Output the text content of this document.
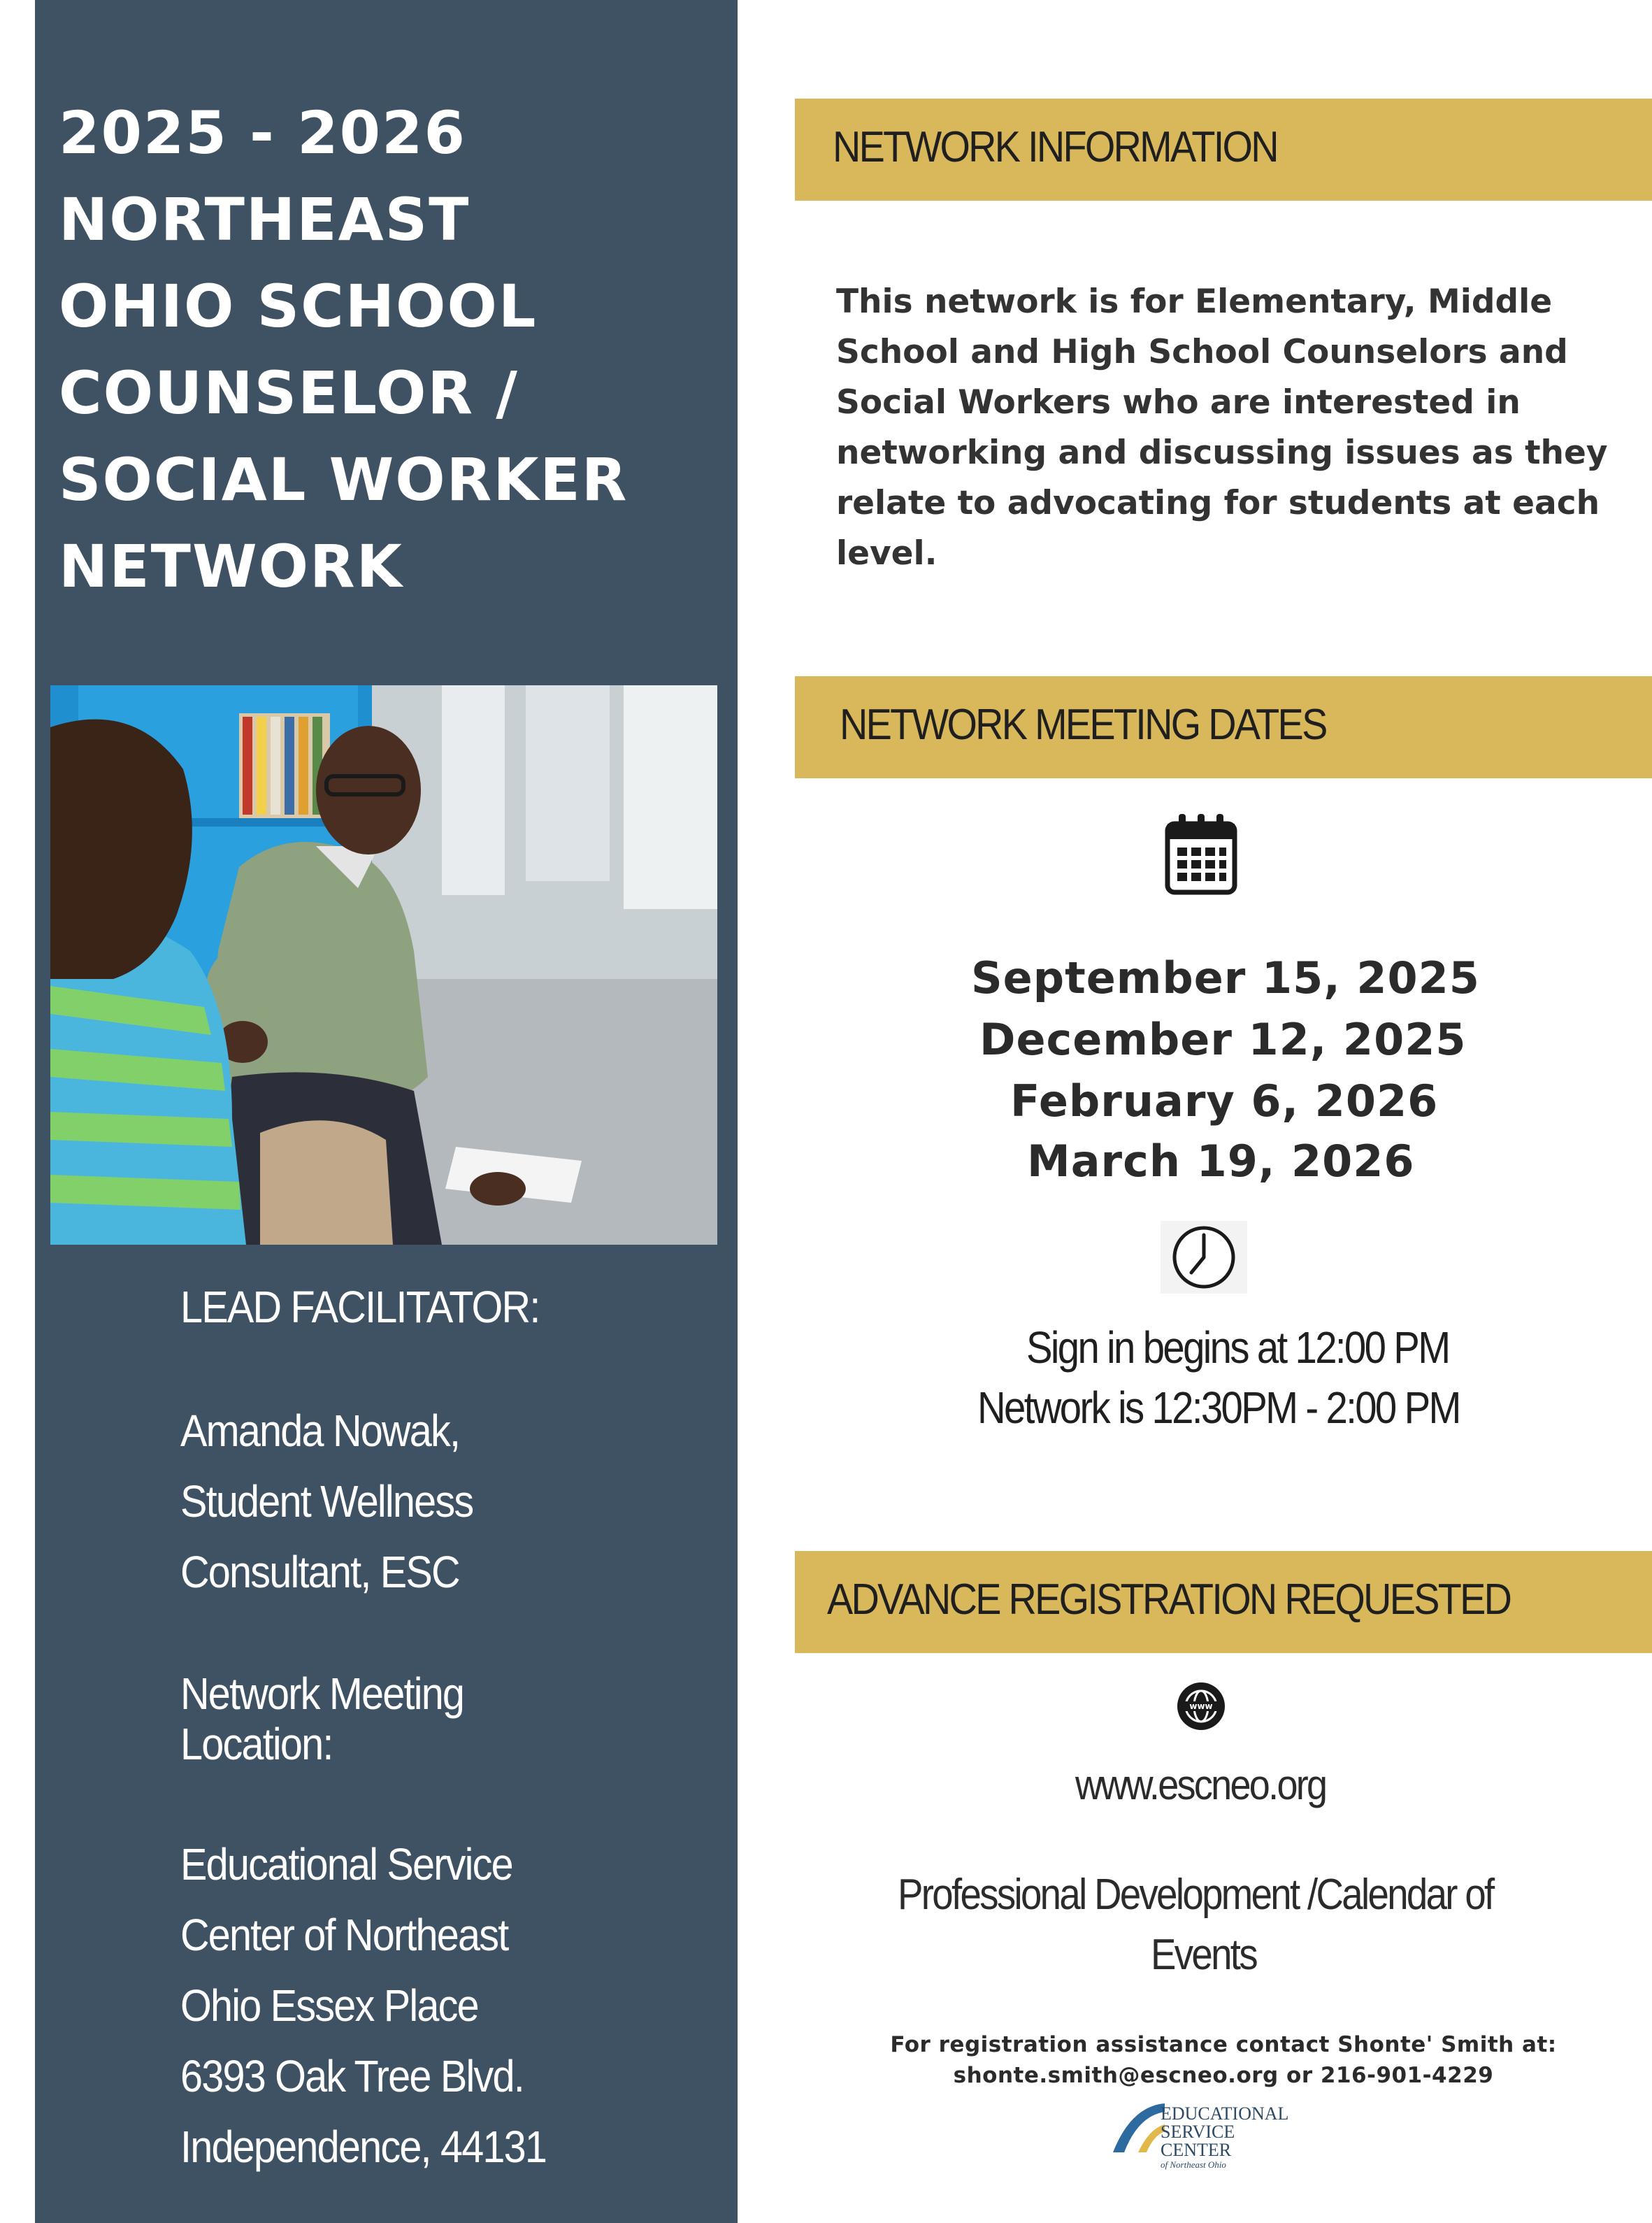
2025 - 2026
NORTHEAST
OHIO SCHOOL
COUNSELOR /
SOCIAL WORKER
NETWORK
LEAD FACILITATOR:
Amanda Nowak,
Student Wellness
Consultant, ESC
Network Meeting
Location:
Educational Service
Center of Northeast
Ohio Essex Place
6393 Oak Tree Blvd.
Independence, 44131
NETWORK INFORMATION
This network is for Elementary, Middle
School and High School Counselors and
Social Workers who are interested in
networking and discussing issues as they
relate to advocating for students at each
level.
NETWORK MEETING DATES
September 15, 2025
December 12, 2025
February 6, 2026
March 19, 2026
Sign in begins at 12:00 PM
Network is 12:30PM - 2:00 PM
ADVANCE REGISTRATION REQUESTED
www
www.escneo.org
Professional Development /Calendar of
Events
For registration assistance contact Shonte' Smith at:
shonte.smith@escneo.org or 216-901-4229
EDUCATIONAL
SERVICE
CENTER
of Northeast Ohio
